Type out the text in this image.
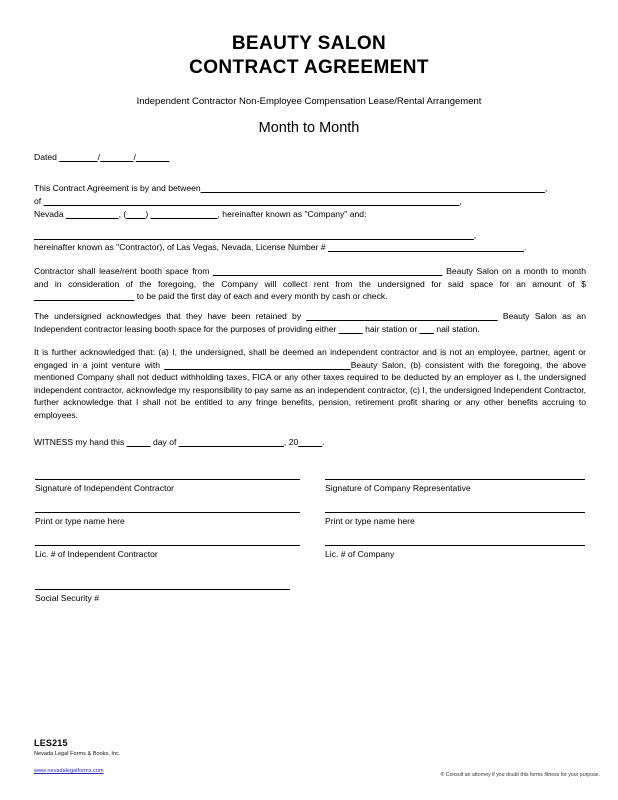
BEAUTY SALON
CONTRACT AGREEMENT
Independent Contractor Non-Employee Compensation Lease/Rental Arrangement
Month to Month
Dated ________/_______/_______
This Contract Agreement is by and between________________________________________________________________________,
of _______________________________________________________________________________________,
Nevada ___________, (____) ______________, hereinafter known as "Company" and:
____________________________________________________________________________________________,
hereinafter known as "Contractor), of Las Vegas, Nevada, License Number # _________________________________________.
Contractor shall lease/rent booth space from ________________________________________________ Beauty Salon on a month to month and in consideration of the foregoing, the Company will collect rent from the undersigned for said space for an amount of $ _____________________ to be paid the first day of each and every month by cash or check.
The undersigned acknowledges that they have been retained by ________________________________________ Beauty Salon as an Independent contractor leasing booth space for the purposes of providing either _____ hair station or ___ nail station.
It is further acknowledged that: (a) I, the undersigned, shall be deemed an independent contractor and is not an employee, partner, agent or engaged in a joint venture with _______________________________________Beauty Salon, (b) consistent with the foregoing, the above mentioned Company shall not deduct withholding taxes, FICA or any other taxes required to be deducted by an employer as I, the undersigned independent contractor, acknowledge my responsibility to pay same as an independent contractor, (c) I, the undersigned Independent Contractor, further acknowledge that I shall not be entitled to any fringe benefits, pension, retirement profit sharing or any other benefits accruing to employees.
WITNESS my hand this _____ day of ______________________, 20_____.
Signature of Independent Contractor	Signature of Company Representative
Print or type name here	Print or type name here
Lic. # of Independent Contractor	Lic. # of Company
Social Security #
LES215
Nevada Legal Forms & Books, Inc.
www.nevadalegalforms.com
® Consult an attorney if you doubt this forms fitness for your purpose.
